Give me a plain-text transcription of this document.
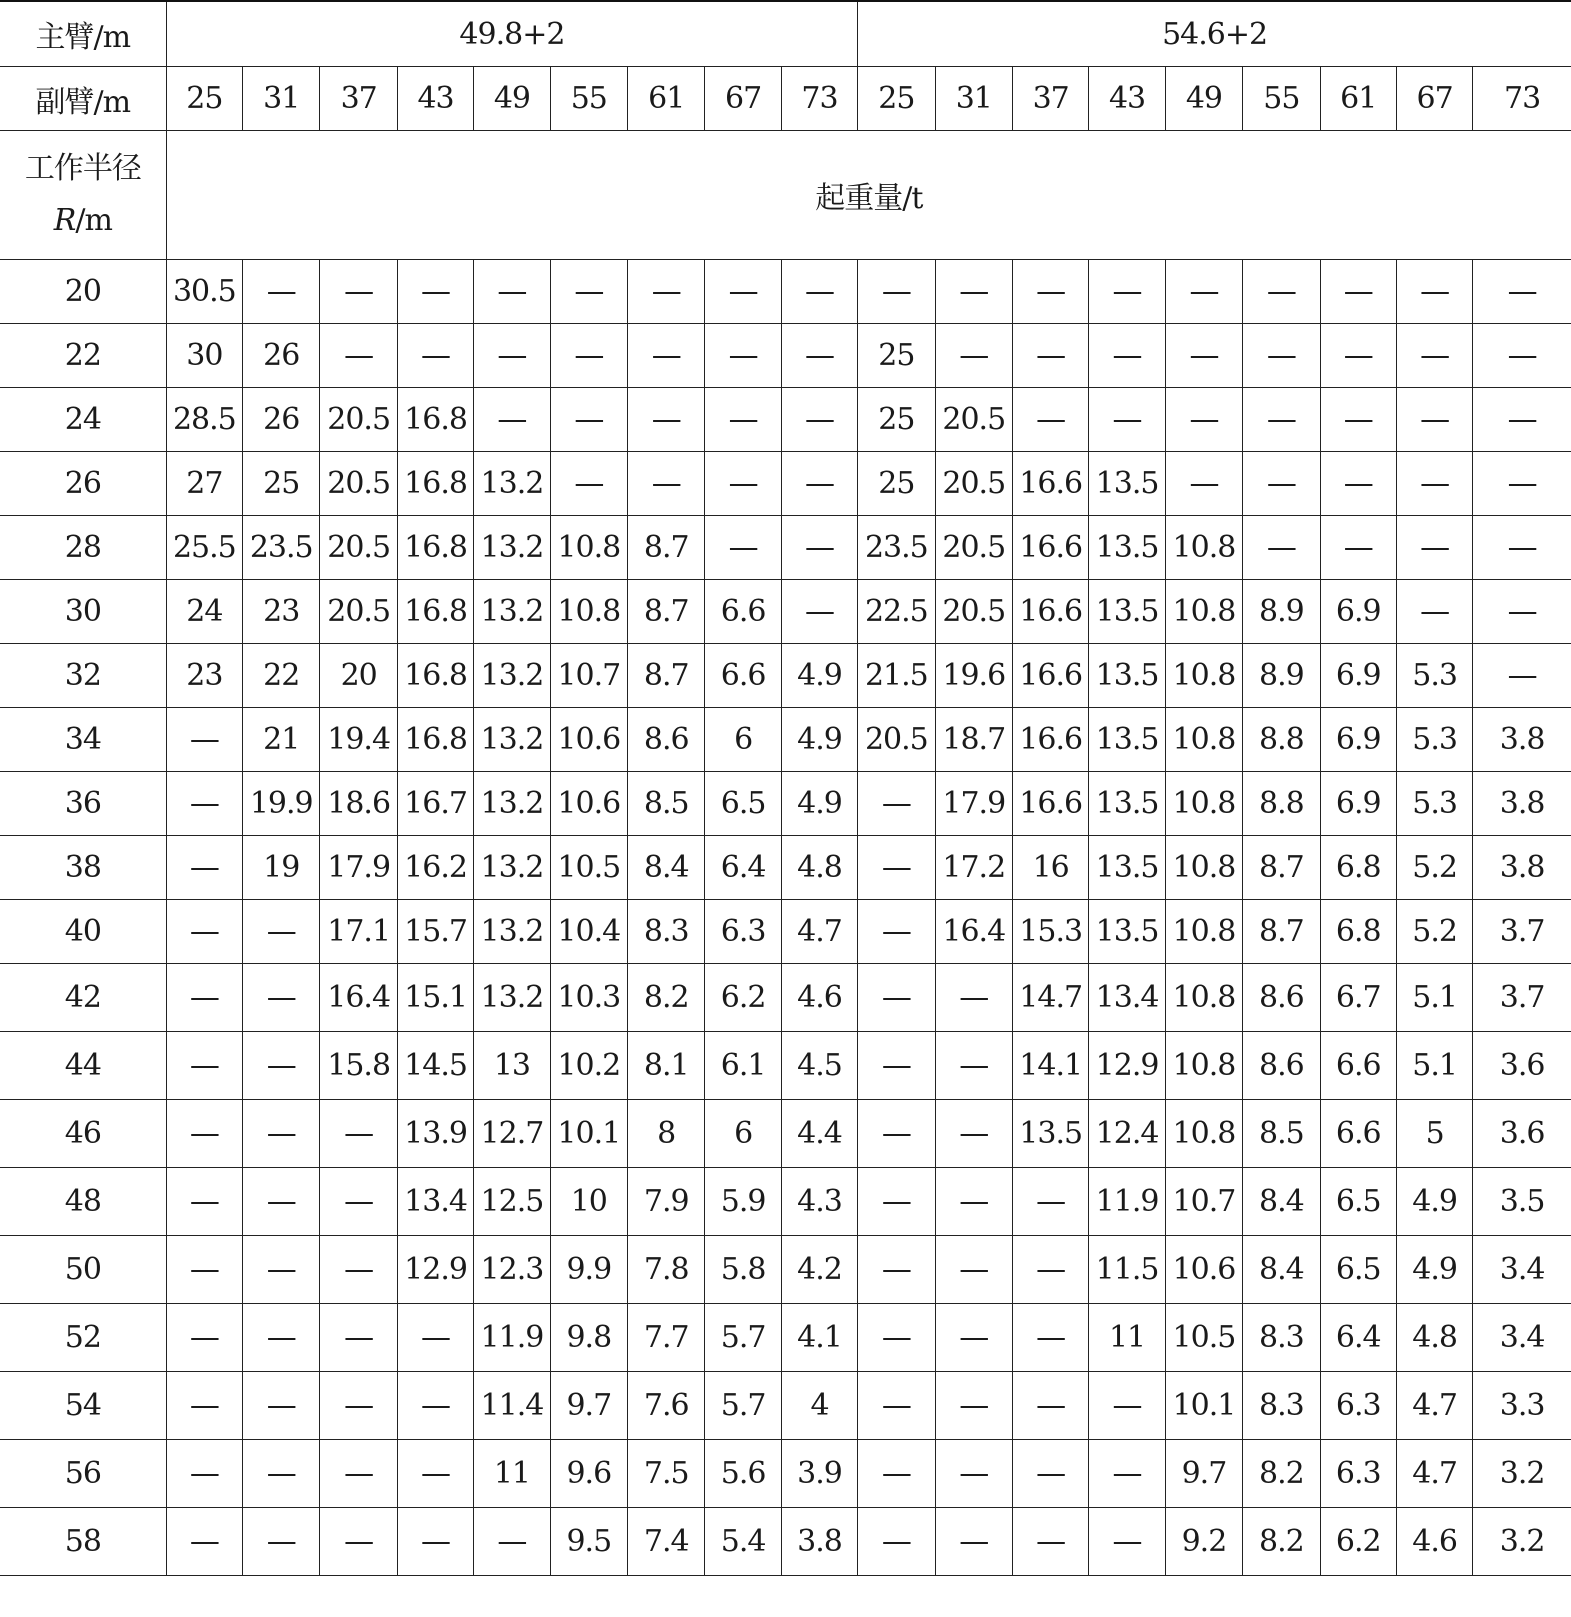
主臂/m	49.8+2									54.6+2								
副臂/m	25	31	37	43	49	55	61	67	73	25	31	37	43	49	55	61	67	73

工作半径
R/m	起重量/t																	
20	30.5	—	—	—	—	—	—	—	—	—	—	—	—	—	—	—	—	—
22	30	26	—	—	—	—	—	—	—	25	—	—	—	—	—	—	—	—
24	28.5	26	20.5	16.8	—	—	—	—	—	25	20.5	—	—	—	—	—	—	—
26	27	25	20.5	16.8	13.2	—	—	—	—	25	20.5	16.6	13.5	—	—	—	—	—
28	25.5	23.5	20.5	16.8	13.2	10.8	8.7	—	—	23.5	20.5	16.6	13.5	10.8	—	—	—	—
30	24	23	20.5	16.8	13.2	10.8	8.7	6.6	—	22.5	20.5	16.6	13.5	10.8	8.9	6.9	—	—
32	23	22	20	16.8	13.2	10.7	8.7	6.6	4.9	21.5	19.6	16.6	13.5	10.8	8.9	6.9	5.3	—
34	—	21	19.4	16.8	13.2	10.6	8.6	6	4.9	20.5	18.7	16.6	13.5	10.8	8.8	6.9	5.3	3.8
36	—	19.9	18.6	16.7	13.2	10.6	8.5	6.5	4.9	—	17.9	16.6	13.5	10.8	8.8	6.9	5.3	3.8
38	—	19	17.9	16.2	13.2	10.5	8.4	6.4	4.8	—	17.2	16	13.5	10.8	8.7	6.8	5.2	3.8
40	—	—	17.1	15.7	13.2	10.4	8.3	6.3	4.7	—	16.4	15.3	13.5	10.8	8.7	6.8	5.2	3.7
42	—	—	16.4	15.1	13.2	10.3	8.2	6.2	4.6	—	—	14.7	13.4	10.8	8.6	6.7	5.1	3.7
44	—	—	15.8	14.5	13	10.2	8.1	6.1	4.5	—	—	14.1	12.9	10.8	8.6	6.6	5.1	3.6
46	—	—	—	13.9	12.7	10.1	8	6	4.4	—	—	13.5	12.4	10.8	8.5	6.6	5	3.6
48	—	—	—	13.4	12.5	10	7.9	5.9	4.3	—	—	—	11.9	10.7	8.4	6.5	4.9	3.5
50	—	—	—	12.9	12.3	9.9	7.8	5.8	4.2	—	—	—	11.5	10.6	8.4	6.5	4.9	3.4
52	—	—	—	—	11.9	9.8	7.7	5.7	4.1	—	—	—	11	10.5	8.3	6.4	4.8	3.4
54	—	—	—	—	11.4	9.7	7.6	5.7	4	—	—	—	—	10.1	8.3	6.3	4.7	3.3
56	—	—	—	—	11	9.6	7.5	5.6	3.9	—	—	—	—	9.7	8.2	6.3	4.7	3.2
58	—	—	—	—	—	9.5	7.4	5.4	3.8	—	—	—	—	9.2	8.2	6.2	4.6	3.2
